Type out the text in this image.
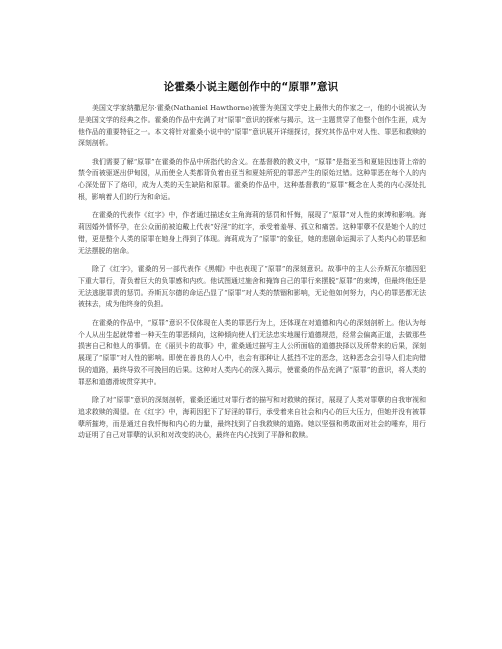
论霍桑小说主题创作中的“原罪”意识

美国文学家纳撒尼尔·霍桑(Nathaniel Hawthorne)被誉为美国文学史上最伟大的作家之一，他的小说被认为是美国文学的经典之作。霍桑的作品中充满了对“原罪”意识的探索与揭示，这一主题贯穿了他整个创作生涯，成为他作品的重要特征之一。本文将针对霍桑小说中的“原罪”意识展开详细探讨，探究其作品中对人性、罪恶和救赎的深刻剖析。

我们需要了解“原罪”在霍桑的作品中所指代的含义。在基督教的教义中，“原罪”是指亚当和夏娃因违背上帝的禁令而被驱逐出伊甸园，从而使全人类都背负着由亚当和夏娃所犯的罪恶产生的原始过错。这种罪恶在每个人的内心深处留下了烙印，成为人类的天生缺陷和原罪。霍桑的作品中，这种基督教的“原罪”概念在人类的内心深处扎根，影响着人们的行为和命运。

在霍桑的代表作《红字》中，作者通过描述女主角海莉的惩罚和忏悔，展现了“原罪”对人性的束缚和影响。海莉因婚外情怀孕，在公众面前被迫戴上代表“好淫”的红字，承受着羞辱、孤立和痛苦。这种罪孽不仅是她个人的过错，更是整个人类的原罪在她身上得到了体现。海莉成为了“原罪”的象征，她的悲剧命运揭示了人类内心的罪恶和无法摆脱的宿命。

除了《红字》，霍桑的另一部代表作《黑帽》中也表现了“原罪”的深刻意识。故事中的主人公乔斯瓦尔德因犯下重大罪行，背负着巨大的负罪感和内疚。他试图通过施舍和掩饰自己的罪行来摆脱“原罪”的束缚，但最终他还是无法逃脱罪责的惩罚。乔斯瓦尔德的命运凸显了“原罪”对人类的禁锢和影响，无论他如何努力，内心的罪恶都无法被抹去，成为他终身的负担。

在霍桑的作品中，“原罪”意识不仅体现在人类的罪恶行为上，还体现在对道德和内心的深刻剖析上。他认为每个人从出生起就带着一种天生的罪恶倾向，这种倾向使人们无法忠实地履行道德规范，经常会偏离正道，去做那些损害自己和他人的事情。在《丽贝卡的故事》中，霍桑通过描写主人公所面临的道德抉择以及所带来的后果，深刻展现了“原罪”对人性的影响。即使在善良的人心中，也会有那种让人抵挡不定的恶念，这种恶念会引导人们走向错误的道路，最终导致不可挽回的后果。这种对人类内心的深入揭示，使霍桑的作品充满了“原罪”的意识，将人类的罪恶和道德滑坡贯穿其中。

除了对“原罪”意识的深刻剖析，霍桑还通过对罪行者的描写和对救赎的探讨，展现了人类对罪孽的自我审视和追求救赎的渴望。在《红字》中，海莉因犯下了好淫的罪行，承受着来自社会和内心的巨大压力，但她并没有被罪孽所摧垮，而是通过自我忏悔和内心的力量，最终找到了自我救赎的道路。她以坚强和勇敢面对社会的唾弃，用行动证明了自己对罪孽的认识和对改变的决心，最终在内心找到了平静和救赎。
